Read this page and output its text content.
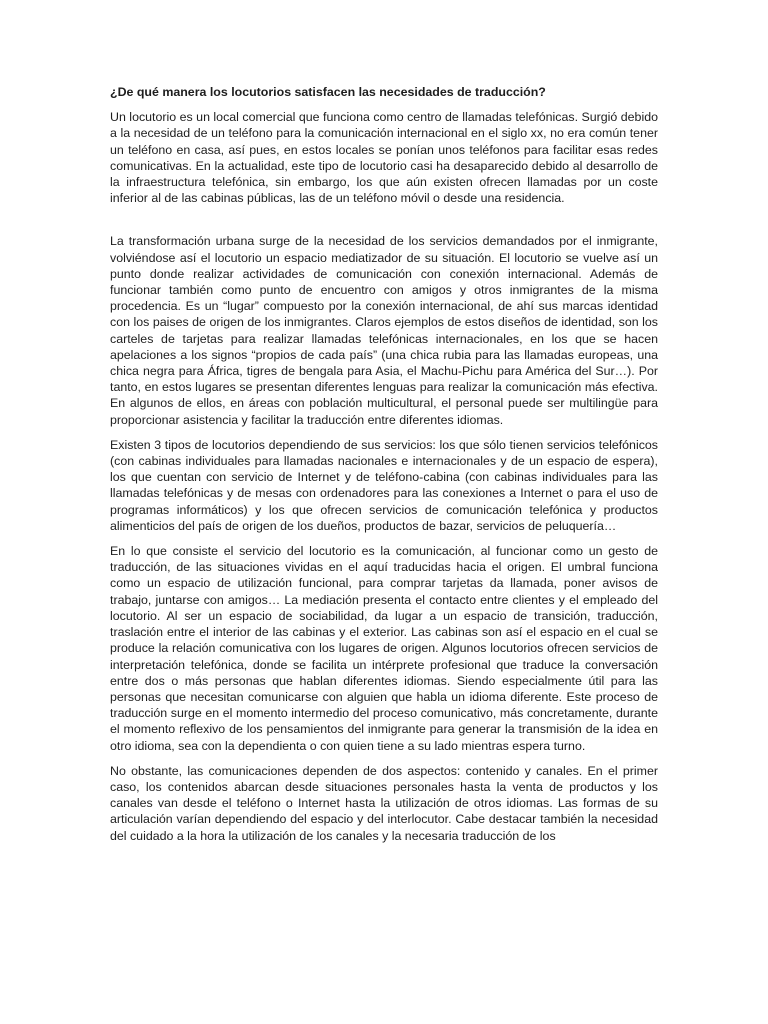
¿De qué manera los locutorios satisfacen las necesidades de traducción?

Un locutorio es un local comercial que funciona como centro de llamadas telefónicas. Surgió debido a la necesidad de un teléfono para la comunicación internacional en el siglo xx, no era común tener un teléfono en casa, así pues, en estos locales se ponían unos teléfonos para facilitar esas redes comunicativas. En la actualidad, este tipo de locutorio casi ha desaparecido debido al desarrollo de la infraestructura telefónica, sin embargo, los que aún existen ofrecen llamadas por un coste inferior al de las cabinas públicas, las de un teléfono móvil o desde una residencia.

La transformación urbana surge de la necesidad de los servicios demandados por el inmigrante, volviéndose así el locutorio un espacio mediatizador de su situación. El locutorio se vuelve así un punto donde realizar actividades de comunicación con conexión internacional. Además de funcionar también como punto de encuentro con amigos y otros inmigrantes de la misma procedencia. Es un “lugar” compuesto por la conexión internacional, de ahí sus marcas identidad con los paises de origen de los inmigrantes. Claros ejemplos de estos diseños de identidad, son los carteles de tarjetas para realizar llamadas telefónicas internacionales, en los que se hacen apelaciones a los signos “propios de cada país” (una chica rubia para las llamadas europeas, una chica negra para África, tigres de bengala para Asia, el Machu-Pichu para América del Sur…). Por tanto, en estos lugares se presentan diferentes lenguas para realizar la comunicación más efectiva. En algunos de ellos, en áreas con población multicultural, el personal puede ser multilingüe para proporcionar asistencia y facilitar la traducción entre diferentes idiomas.

Existen 3 tipos de locutorios dependiendo de sus servicios: los que sólo tienen servicios telefónicos (con cabinas individuales para llamadas nacionales e internacionales y de un espacio de espera), los que cuentan con servicio de Internet y de teléfono-cabina (con cabinas individuales para las llamadas telefónicas y de mesas con ordenadores para las conexiones a Internet o para el uso de programas informáticos) y los que ofrecen servicios de comunicación telefónica y productos alimenticios del país de origen de los dueños, productos de bazar, servicios de peluquería…

En lo que consiste el servicio del locutorio es la comunicación, al funcionar como un gesto de traducción, de las situaciones vividas en el aquí traducidas hacia el origen. El umbral funciona como un espacio de utilización funcional, para comprar tarjetas da llamada, poner avisos de trabajo, juntarse con amigos… La mediación presenta el contacto entre clientes y el empleado del locutorio. Al ser un espacio de sociabilidad, da lugar a un espacio de transición, traducción, traslación entre el interior de las cabinas y el exterior. Las cabinas son así el espacio en el cual se produce la relación comunicativa con los lugares de origen. Algunos locutorios ofrecen servicios de interpretación telefónica, donde se facilita un intérprete profesional que traduce la conversación entre dos o más personas que hablan diferentes idiomas. Siendo especialmente útil para las personas que necesitan comunicarse con alguien que habla un idioma diferente. Este proceso de traducción surge en el momento intermedio del proceso comunicativo, más concretamente, durante el momento reflexivo de los pensamientos del inmigrante para generar la transmisión de la idea en otro idioma, sea con la dependienta o con quien tiene a su lado mientras espera turno.

No obstante, las comunicaciones dependen de dos aspectos: contenido y canales. En el primer caso, los contenidos abarcan desde situaciones personales hasta la venta de productos y los canales van desde el teléfono o Internet hasta la utilización de otros idiomas. Las formas de su articulación varían dependiendo del espacio y del interlocutor. Cabe destacar también la necesidad del cuidado a la hora la utilización de los canales y la necesaria traducción de los
